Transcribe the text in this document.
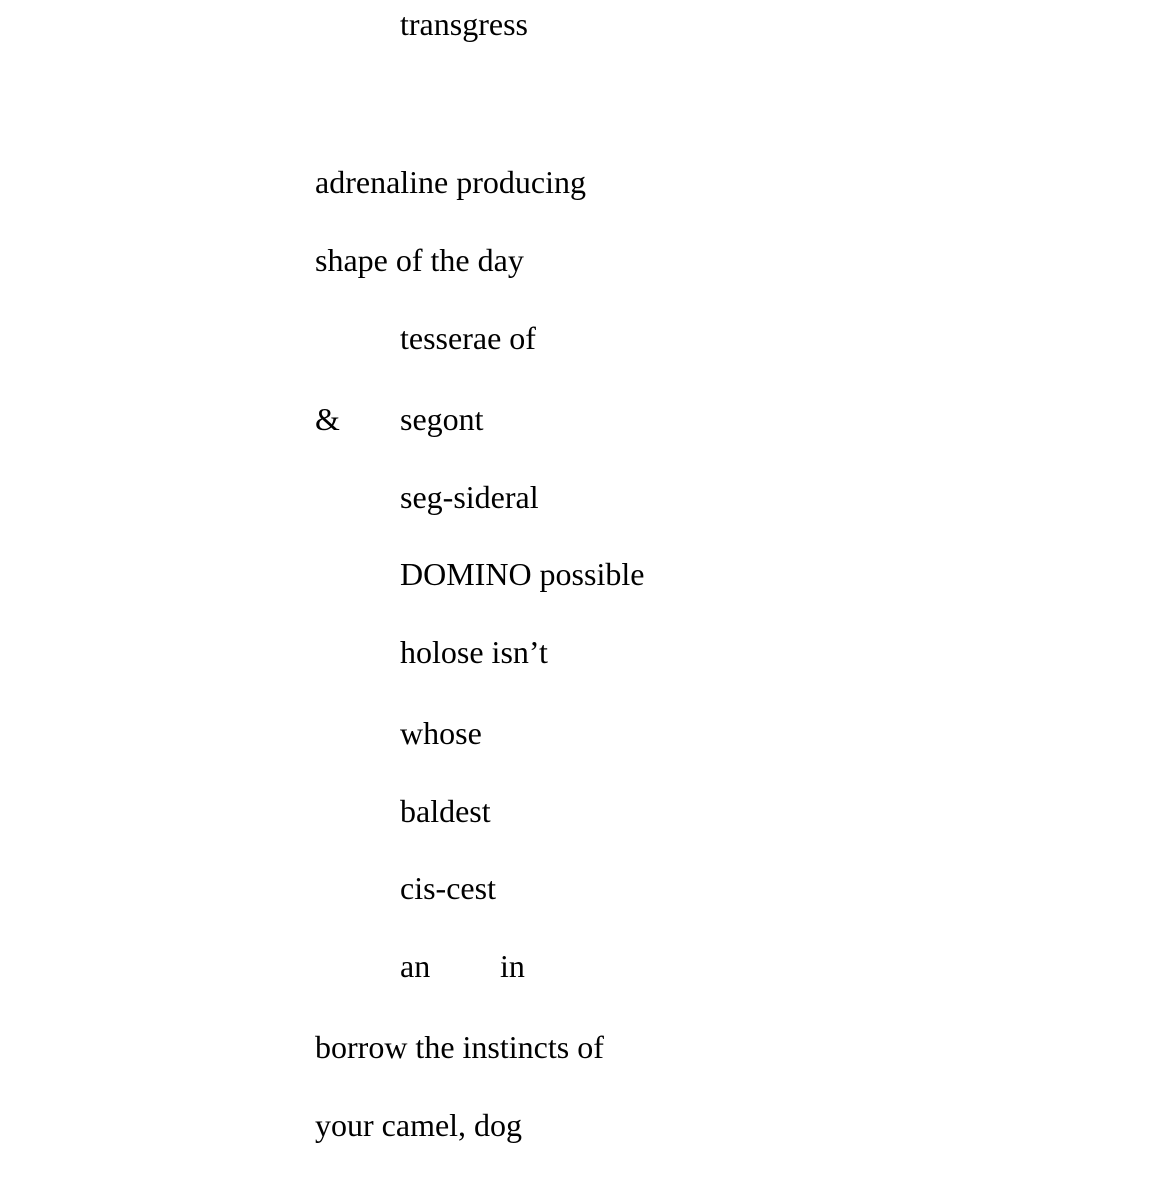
transgress
adrenaline producing
shape of the day
tesserae of
& segont
seg-sideral
DOMINO possible
holose isn’t
whose
baldest
cis-cest
an in
borrow the instincts of
your camel, dog
